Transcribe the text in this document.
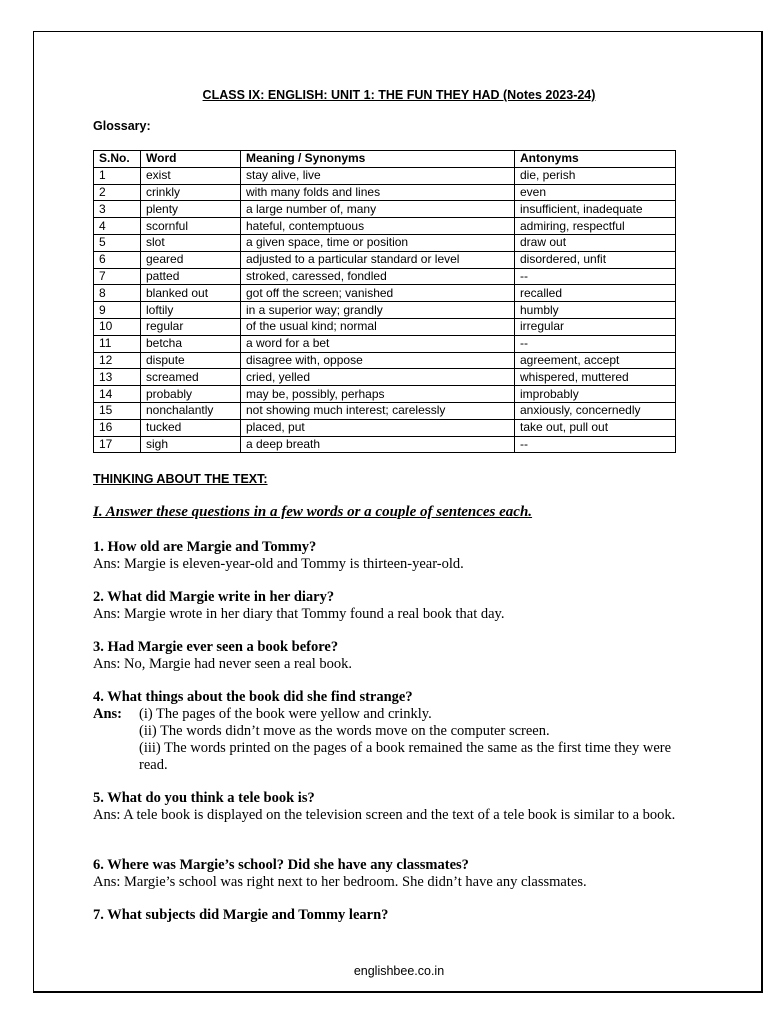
CLASS IX: ENGLISH: UNIT 1: THE FUN THEY HAD (Notes 2023-24)
Glossary:
S.No.	Word	Meaning / Synonyms	Antonyms
1	exist	stay alive, live	die, perish
2	crinkly	with many folds and lines	even
3	plenty	a large number of, many	insufficient, inadequate
4	scornful	hateful, contemptuous	admiring, respectful
5	slot	a given space, time or position	draw out
6	geared	adjusted to a particular standard or level	disordered, unfit
7	patted	stroked, caressed, fondled	--
8	blanked out	got off the screen; vanished	recalled
9	loftily	in a superior way; grandly	humbly
10	regular	of the usual kind; normal	irregular
11	betcha	a word for a bet	--
12	dispute	disagree with, oppose	agreement, accept
13	screamed	cried, yelled	whispered, muttered
14	probably	may be, possibly, perhaps	improbably
15	nonchalantly	not showing much interest; carelessly	anxiously, concernedly
16	tucked	placed, put	take out, pull out
17	sigh	a deep breath	--
THINKING ABOUT THE TEXT:
I. Answer these questions in a few words or a couple of sentences each.
1. How old are Margie and Tommy?
Ans: Margie is eleven-year-old and Tommy is thirteen-year-old.
2. What did Margie write in her diary?
Ans: Margie wrote in her diary that Tommy found a real book that day.
3. Had Margie ever seen a book before?
Ans: No, Margie had never seen a real book.
4. What things about the book did she find strange?
Ans:	(i) The pages of the book were yellow and crinkly.
(ii) The words didn’t move as the words move on the computer screen.
(iii) The words printed on the pages of a book remained the same as the first time they were read.
5. What do you think a tele book is?
Ans: A tele book is displayed on the television screen and the text of a tele book is similar to a book.
6. Where was Margie’s school? Did she have any classmates?
Ans: Margie’s school was right next to her bedroom. She didn’t have any classmates.
7. What subjects did Margie and Tommy learn?
englishbee.co.in
